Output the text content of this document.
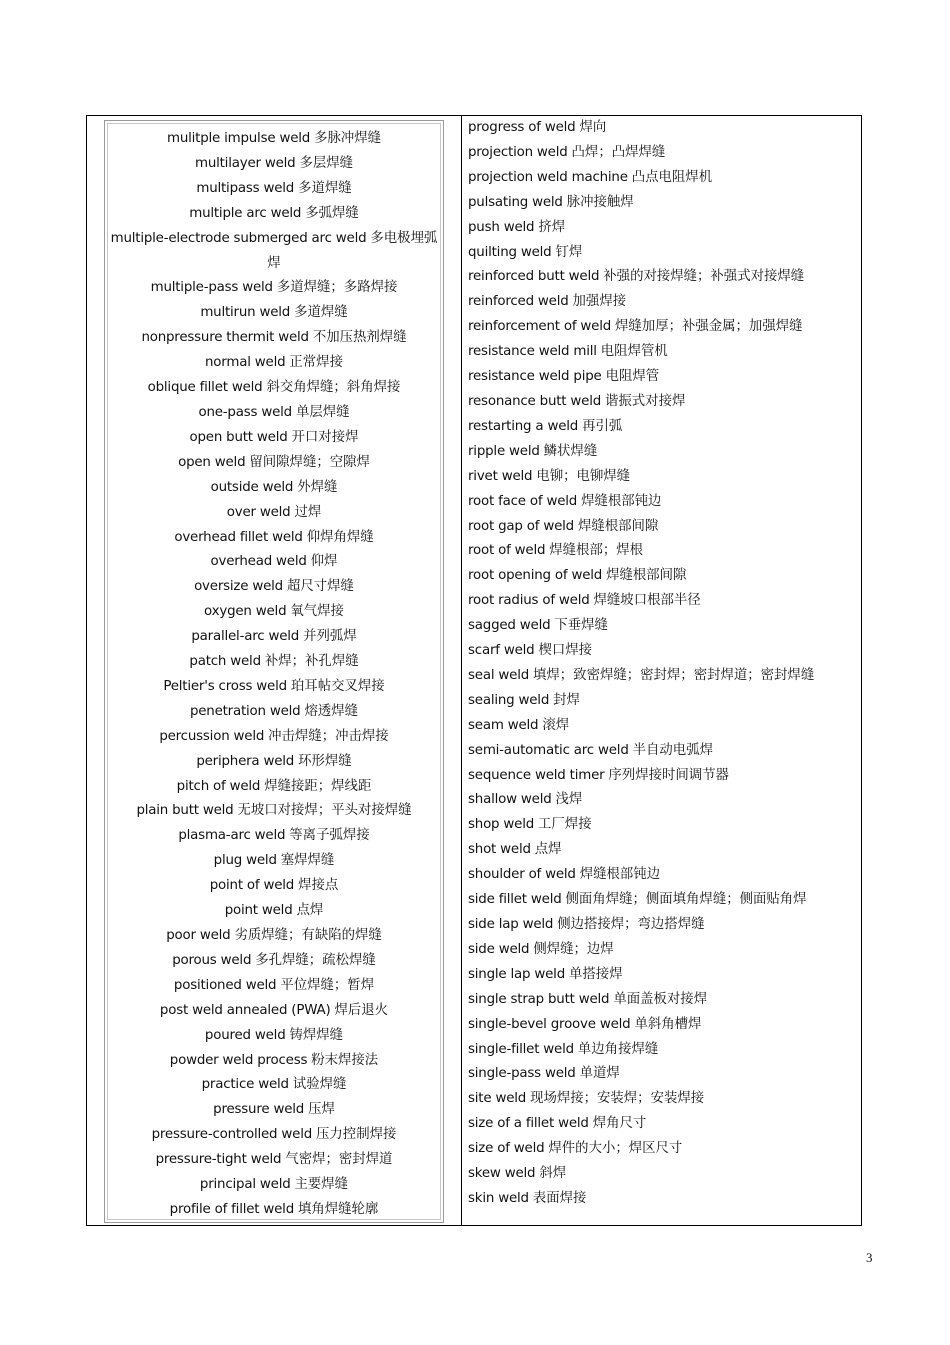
mulitple impulse weld 多脉冲焊缝
multilayer weld 多层焊缝
multipass weld 多道焊缝
multiple arc weld 多弧焊缝
multiple-electrode submerged arc weld 多电极埋弧焊
multiple-pass weld 多道焊缝；多路焊接
multirun weld 多道焊缝
nonpressure thermit weld 不加压热剂焊缝
normal weld 正常焊接
oblique fillet weld 斜交角焊缝；斜角焊接
one-pass weld 单层焊缝
open butt weld 开口对接焊
open weld 留间隙焊缝；空隙焊
outside weld 外焊缝
over weld 过焊
overhead fillet weld 仰焊角焊缝
overhead weld 仰焊
oversize weld 超尺寸焊缝
oxygen weld 氧气焊接
parallel-arc weld 并列弧焊
patch weld 补焊；补孔焊缝
Peltier's cross weld 珀耳帖交叉焊接
penetration weld 熔透焊缝
percussion weld 冲击焊缝；冲击焊接
periphera weld 环形焊缝
pitch of weld 焊缝接距；焊线距
plain butt weld 无坡口对接焊；平头对接焊缝
plasma-arc weld 等离子弧焊接
plug weld 塞焊焊缝
point of weld 焊接点
point weld 点焊
poor weld 劣质焊缝；有缺陷的焊缝
porous weld 多孔焊缝；疏松焊缝
positioned weld 平位焊缝；暂焊
post weld annealed (PWA) 焊后退火
poured weld 铸焊焊缝
powder weld process 粉末焊接法
practice weld 试验焊缝
pressure weld 压焊
pressure-controlled weld 压力控制焊接
pressure-tight weld 气密焊；密封焊道
principal weld 主要焊缝
profile of fillet weld 填角焊缝轮廓
progress of weld 焊向
projection weld 凸焊；凸焊焊缝
projection weld machine 凸点电阻焊机
pulsating weld 脉冲接触焊
push weld 挤焊
quilting weld 钉焊
reinforced butt weld 补强的对接焊缝；补强式对接焊缝
reinforced weld 加强焊接
reinforcement of weld 焊缝加厚；补强金属；加强焊缝
resistance weld mill 电阻焊管机
resistance weld pipe 电阻焊管
resonance butt weld 谐振式对接焊
restarting a weld 再引弧
ripple weld 鳞状焊缝
rivet weld 电铆；电铆焊缝
root face of weld 焊缝根部钝边
root gap of weld 焊缝根部间隙
root of weld 焊缝根部；焊根
root opening of weld 焊缝根部间隙
root radius of weld 焊缝坡口根部半径
sagged weld 下垂焊缝
scarf weld 楔口焊接
seal weld 填焊；致密焊缝；密封焊；密封焊道；密封焊缝
sealing weld 封焊
seam weld 滚焊
semi-automatic arc weld 半自动电弧焊
sequence weld timer 序列焊接时间调节器
shallow weld 浅焊
shop weld 工厂焊接
shot weld 点焊
shoulder of weld 焊缝根部钝边
side fillet weld 侧面角焊缝；侧面填角焊缝；侧面贴角焊
side lap weld 侧边搭接焊；弯边搭焊缝
side weld 侧焊缝；边焊
single lap weld 单搭接焊
single strap butt weld 单面盖板对接焊
single-bevel groove weld 单斜角槽焊
single-fillet weld 单边角接焊缝
single-pass weld 单道焊
site weld 现场焊接；安装焊；安装焊接
size of a fillet weld 焊角尺寸
size of weld 焊件的大小；焊区尺寸
skew weld 斜焊
skin weld 表面焊接
3
